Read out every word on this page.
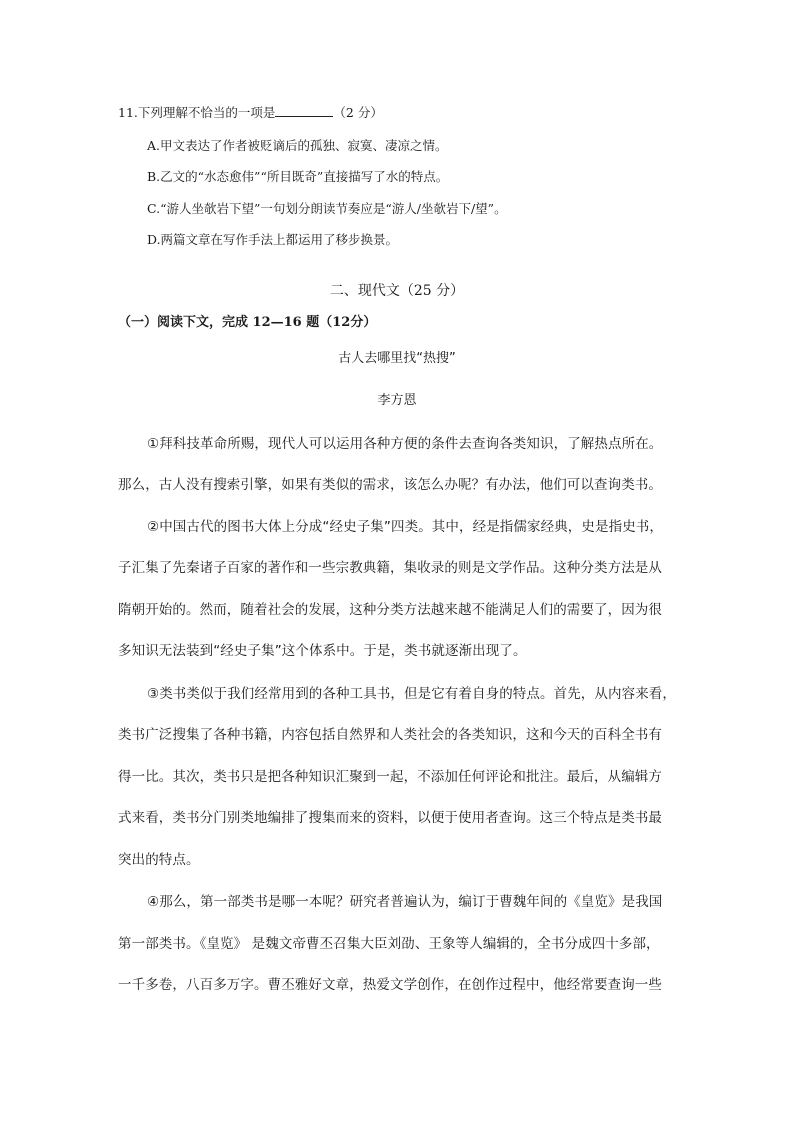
11.下列理解不恰当的一项是	（2 分）
A.甲文表达了作者被贬谪后的孤独、寂寞、凄凉之情。
B.乙文的“水态愈伟”“所目既奇”直接描写了水的特点。
C.“游人坐欹岩下望”一句划分朗读节奏应是“游人/坐欹岩下/望”。
D.两篇文章在写作手法上都运用了移步换景。
二、现代文（25 分）
（一）阅读下文，完成 12—16 题（12分）
古人去哪里找“热搜”
李方恩
①拜科技革命所赐，现代人可以运用各种方便的条件去查询各类知识，了解热点所在。
那么，古人没有搜索引擎，如果有类似的需求，该怎么办呢？有办法，他们可以查询类书。
②中国古代的图书大体上分成“经史子集”四类。其中，经是指儒家经典，史是指史书，
子汇集了先秦诸子百家的著作和一些宗教典籍，集收录的则是文学作品。这种分类方法是从
隋朝开始的。然而，随着社会的发展，这种分类方法越来越不能满足人们的需要了，因为很
多知识无法装到“经史子集”这个体系中。于是，类书就逐渐出现了。
③类书类似于我们经常用到的各种工具书，但是它有着自身的特点。首先，从内容来看，
类书广泛搜集了各种书籍，内容包括自然界和人类社会的各类知识，这和今天的百科全书有
得一比。其次，类书只是把各种知识汇聚到一起，不添加任何评论和批注。最后，从编辑方
式来看，类书分门别类地编排了搜集而来的资料，以便于使用者查询。这三个特点是类书最
突出的特点。
④那么，第一部类书是哪一本呢？研究者普遍认为，编订于曹魏年间的《皇览》是我国
第一部类书。《皇览》 是魏文帝曹丕召集大臣刘劭、王象等人编辑的，全书分成四十多部，
一千多卷，八百多万字。曹丕雅好文章，热爱文学创作，在创作过程中，他经常要查询一些
